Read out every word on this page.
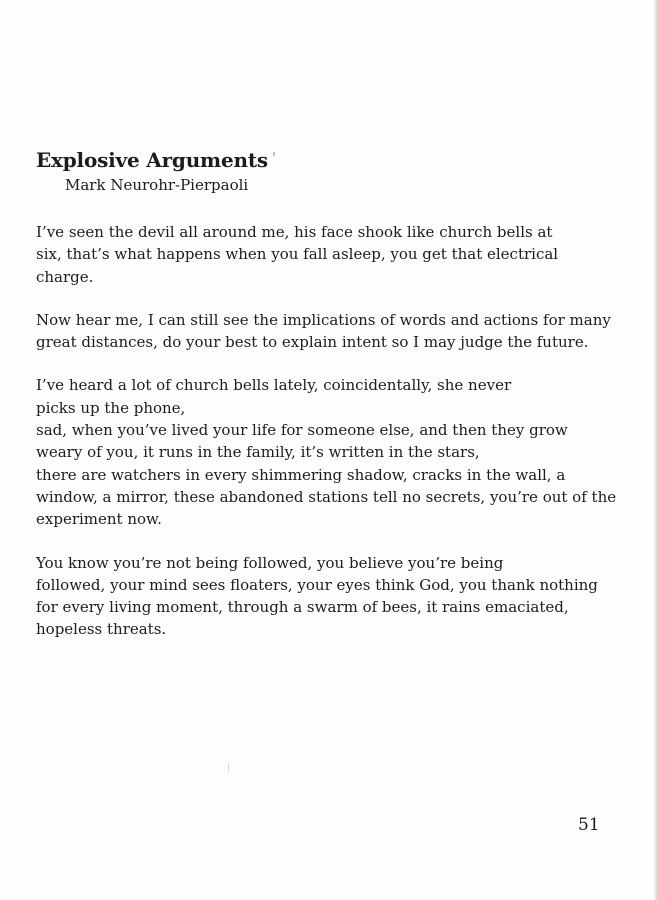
Explosive Arguments

Mark Neurohr-Pierpaoli

I’ve seen the devil all around me, his face shook like church bells at
six, that’s what happens when you fall asleep, you get that electrical
charge.

Now hear me, I can still see the implications of words and actions for many
great distances, do your best to explain intent so I may judge the future.

I’ve heard a lot of church bells lately, coincidentally, she never
picks up the phone,
sad, when you’ve lived your life for someone else, and then they grow
weary of you, it runs in the family, it’s written in the stars,
there are watchers in every shimmering shadow, cracks in the wall, a
window, a mirror, these abandoned stations tell no secrets, you’re out of the
experiment now.

You know you’re not being followed, you believe you’re being
followed, your mind sees floaters, your eyes think God, you thank nothing
for every living moment, through a swarm of bees, it rains emaciated,
hopeless threats.

51
